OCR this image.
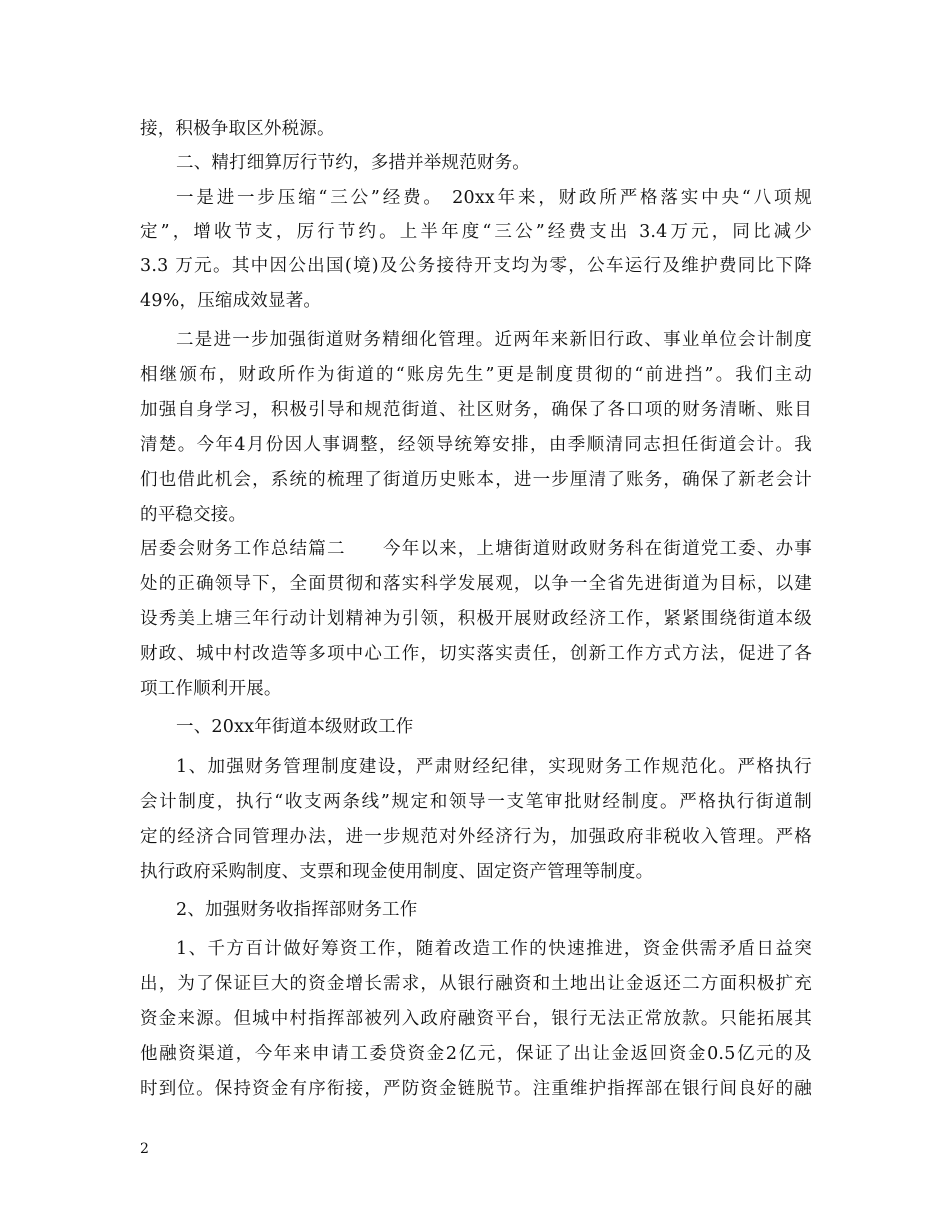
接，积极争取区外税源。
二、精打细算厉行节约，多措并举规范财务。
一是进一步压缩“三公”经费。 20xx年来，财政所严格落实中央“八项规
定”，增收节支，厉行节约。上半年度“三公”经费支出 3.4万元，同比减少
3.3 万元。其中因公出国(境)及公务接待开支均为零，公车运行及维护费同比下降
49%，压缩成效显著。
二是进一步加强街道财务精细化管理。近两年来新旧行政、事业单位会计制度
相继颁布，财政所作为街道的“账房先生”更是制度贯彻的“前进挡”。我们主动
加强自身学习，积极引导和规范街道、社区财务，确保了各口项的财务清晰、账目
清楚。今年4月份因人事调整，经领导统筹安排，由季顺清同志担任街道会计。我
们也借此机会，系统的梳理了街道历史账本，进一步厘清了账务，确保了新老会计
的平稳交接。
居委会财务工作总结篇二　　今年以来，上塘街道财政财务科在街道党工委、办事
处的正确领导下，全面贯彻和落实科学发展观，以争一全省先进街道为目标，以建
设秀美上塘三年行动计划精神为引领，积极开展财政经济工作，紧紧围绕街道本级
财政、城中村改造等多项中心工作，切实落实责任，创新工作方式方法，促进了各
项工作顺利开展。
一、20xx年街道本级财政工作
1、加强财务管理制度建设，严肃财经纪律，实现财务工作规范化。严格执行
会计制度，执行“收支两条线”规定和领导一支笔审批财经制度。严格执行街道制
定的经济合同管理办法，进一步规范对外经济行为，加强政府非税收入管理。严格
执行政府采购制度、支票和现金使用制度、固定资产管理等制度。
2、加强财务收指挥部财务工作
1、千方百计做好筹资工作，随着改造工作的快速推进，资金供需矛盾日益突
出，为了保证巨大的资金增长需求，从银行融资和土地出让金返还二方面积极扩充
资金来源。但城中村指挥部被列入政府融资平台，银行无法正常放款。只能拓展其
他融资渠道，今年来申请工委贷资金2亿元，保证了出让金返回资金0.5亿元的及
时到位。保持资金有序衔接，严防资金链脱节。注重维护指挥部在银行间良好的融
2
